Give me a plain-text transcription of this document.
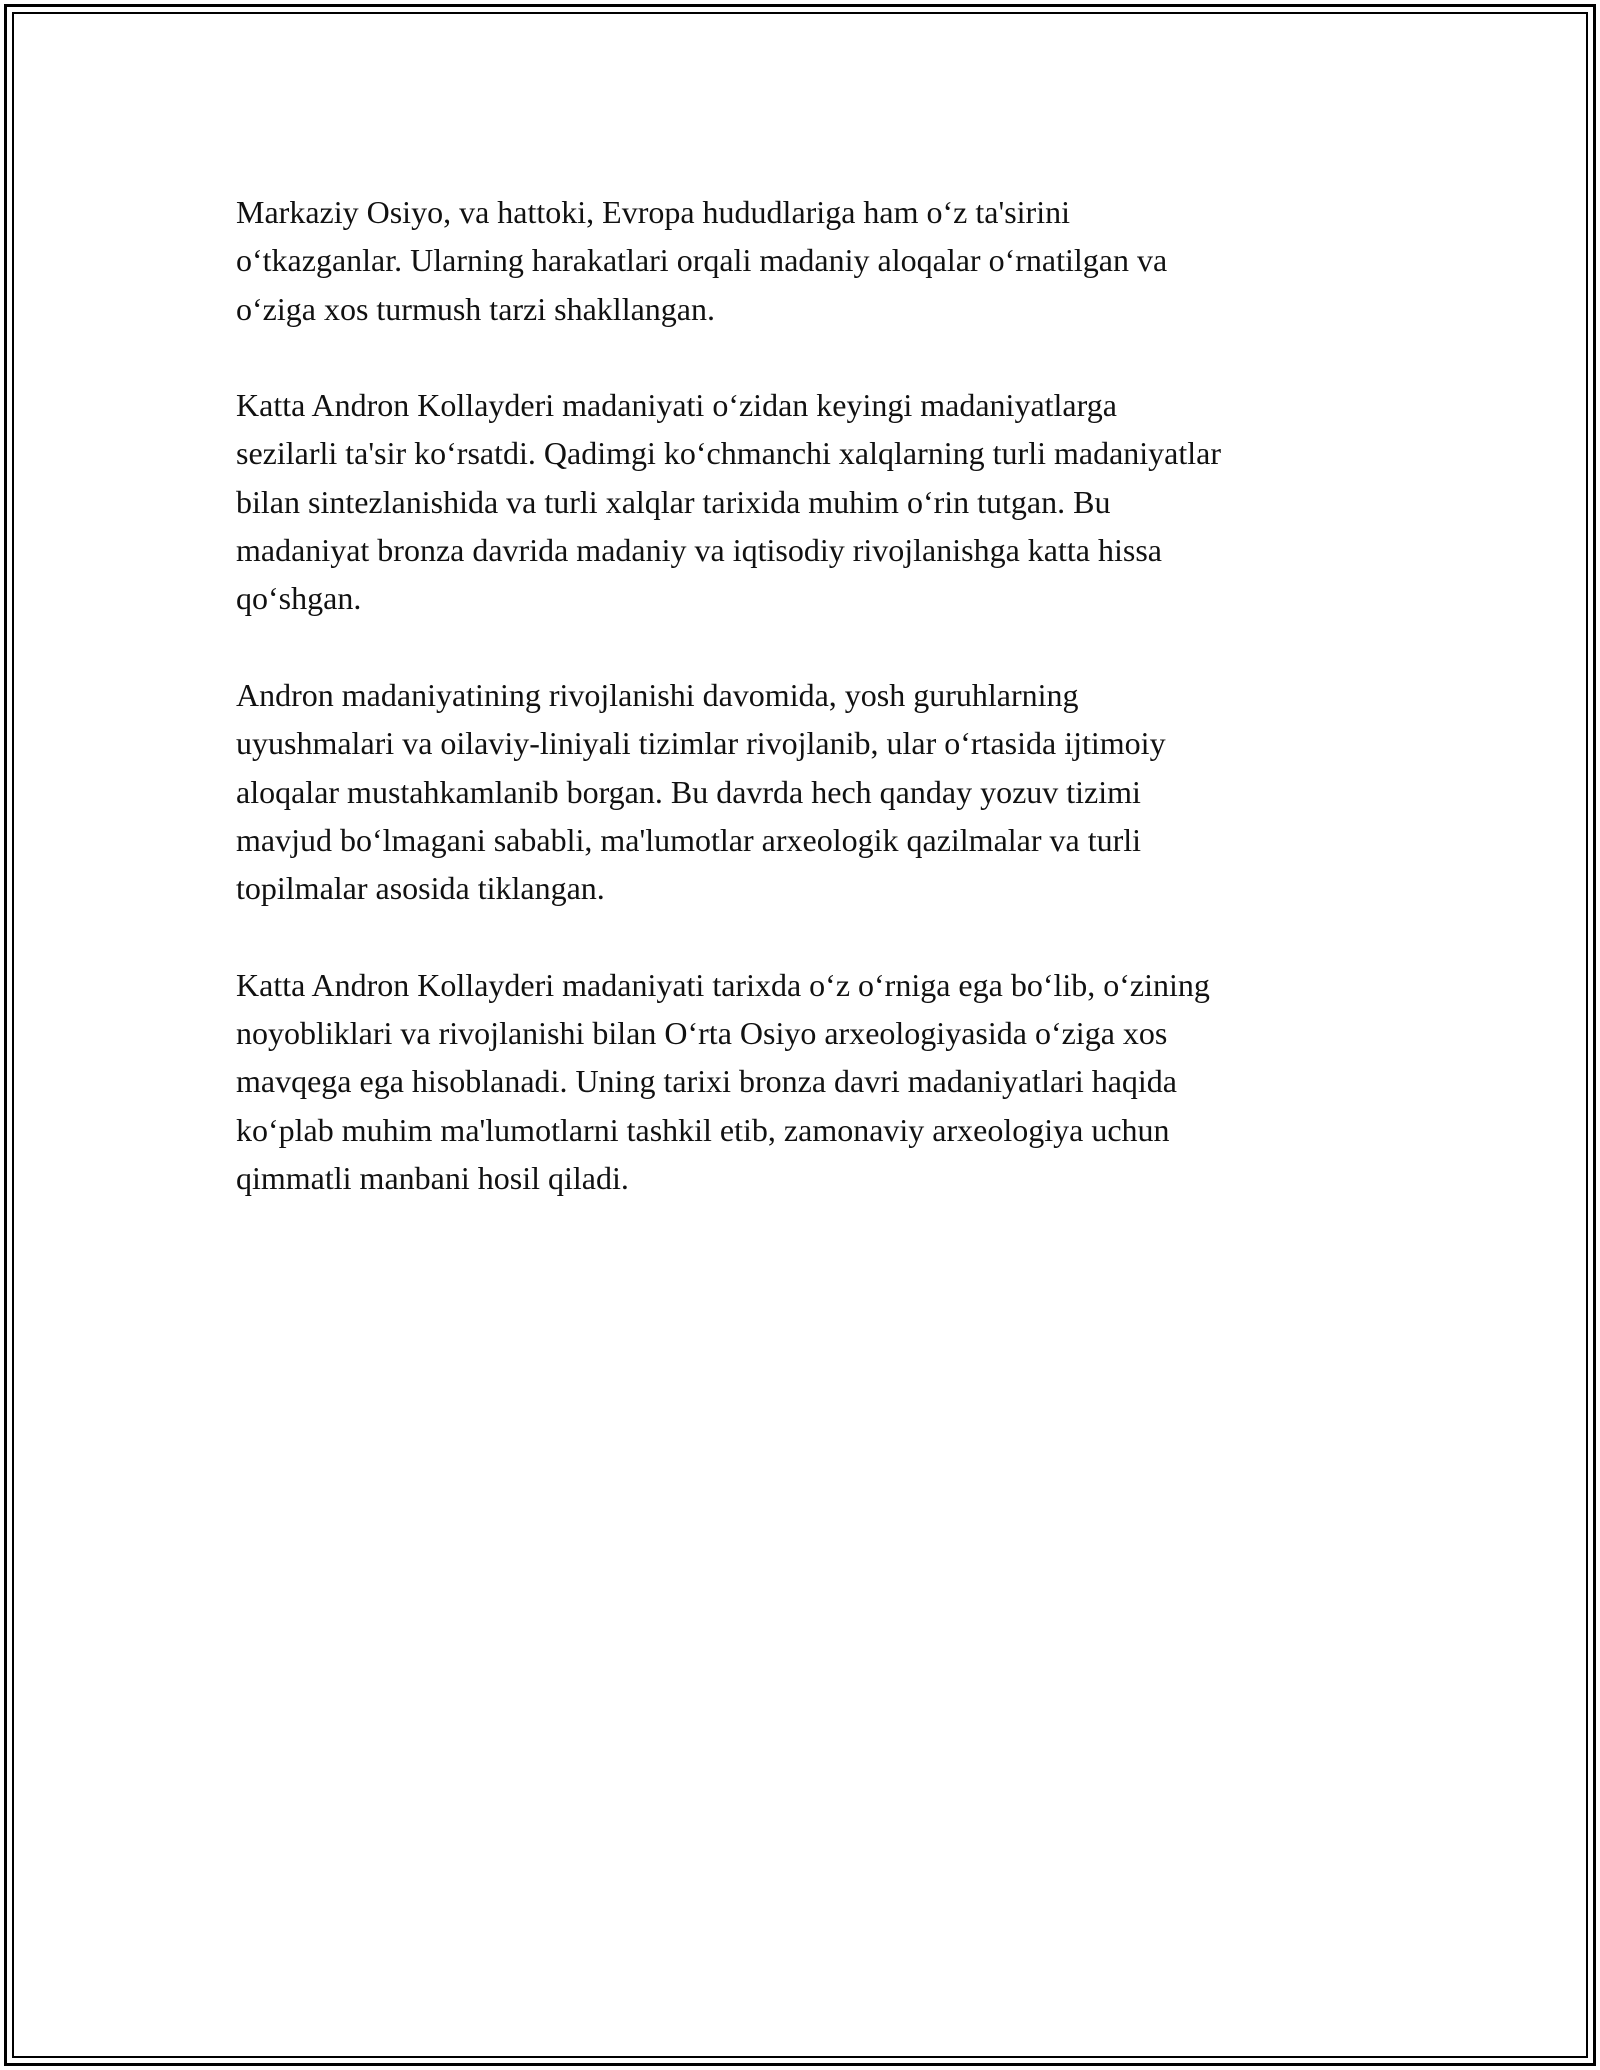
Markaziy Osiyo, va hattoki, Evropa hududlariga ham oʻz ta'sirini
oʻtkazganlar. Ularning harakatlari orqali madaniy aloqalar oʻrnatilgan va
oʻziga xos turmush tarzi shakllangan.

Katta Andron Kollayderi madaniyati oʻzidan keyingi madaniyatlarga
sezilarli ta'sir koʻrsatdi. Qadimgi koʻchmanchi xalqlarning turli madaniyatlar
bilan sintezlanishida va turli xalqlar tarixida muhim oʻrin tutgan. Bu
madaniyat bronza davrida madaniy va iqtisodiy rivojlanishga katta hissa
qoʻshgan.

Andron madaniyatining rivojlanishi davomida, yosh guruhlarning
uyushmalari va oilaviy-liniyali tizimlar rivojlanib, ular oʻrtasida ijtimoiy
aloqalar mustahkamlanib borgan. Bu davrda hech qanday yozuv tizimi
mavjud boʻlmagani sababli, ma'lumotlar arxeologik qazilmalar va turli
topilmalar asosida tiklangan.

Katta Andron Kollayderi madaniyati tarixda oʻz oʻrniga ega boʻlib, oʻzining
noyobliklari va rivojlanishi bilan Oʻrta Osiyo arxeologiyasida oʻziga xos
mavqega ega hisoblanadi. Uning tarixi bronza davri madaniyatlari haqida
koʻplab muhim ma'lumotlarni tashkil etib, zamonaviy arxeologiya uchun
qimmatli manbani hosil qiladi.
